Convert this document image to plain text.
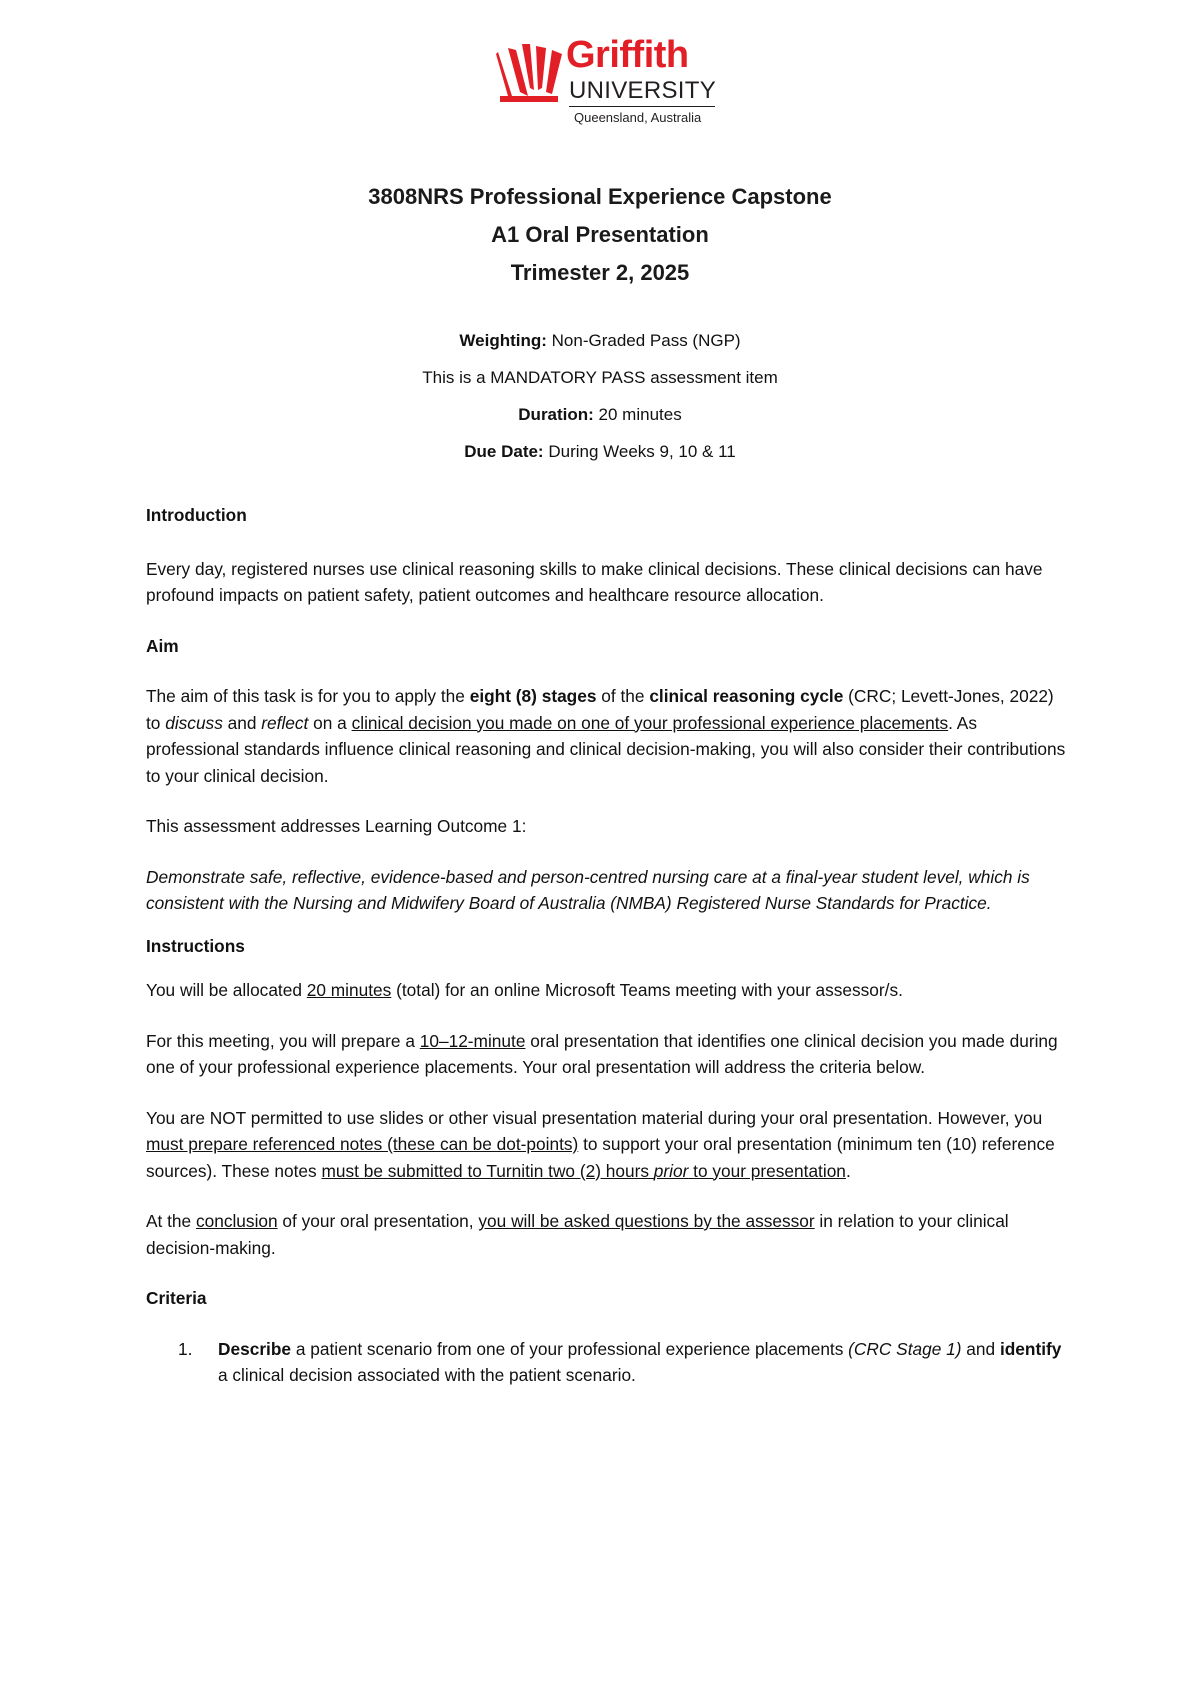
Griffith
UNIVERSITY
Queensland, Australia
3808NRS Professional Experience Capstone
A1 Oral Presentation
Trimester 2, 2025
Weighting: Non-Graded Pass (NGP)
This is a MANDATORY PASS assessment item
Duration: 20 minutes
Due Date: During Weeks 9, 10 & 11

Introduction

Every day, registered nurses use clinical reasoning skills to make clinical decisions. These clinical decisions can have profound impacts on patient safety, patient outcomes and healthcare resource allocation.

Aim

The aim of this task is for you to apply the eight (8) stages of the clinical reasoning cycle (CRC; Levett-Jones, 2022) to discuss and reflect on a clinical decision you made on one of your professional experience placements. As professional standards influence clinical reasoning and clinical decision-making, you will also consider their contributions to your clinical decision.

This assessment addresses Learning Outcome 1:

Demonstrate safe, reflective, evidence-based and person-centred nursing care at a final-year student level, which is consistent with the Nursing and Midwifery Board of Australia (NMBA) Registered Nurse Standards for Practice.

Instructions

You will be allocated 20 minutes (total) for an online Microsoft Teams meeting with your assessor/s.

For this meeting, you will prepare a 10–12-minute oral presentation that identifies one clinical decision you made during one of your professional experience placements. Your oral presentation will address the criteria below.

You are NOT permitted to use slides or other visual presentation material during your oral presentation. However, you must prepare referenced notes (these can be dot-points) to support your oral presentation (minimum ten (10) reference sources). These notes must be submitted to Turnitin two (2) hours prior to your presentation.

At the conclusion of your oral presentation, you will be asked questions by the assessor in relation to your clinical decision-making.

Criteria

1. Describe a patient scenario from one of your professional experience placements (CRC Stage 1) and identify a clinical decision associated with the patient scenario.
